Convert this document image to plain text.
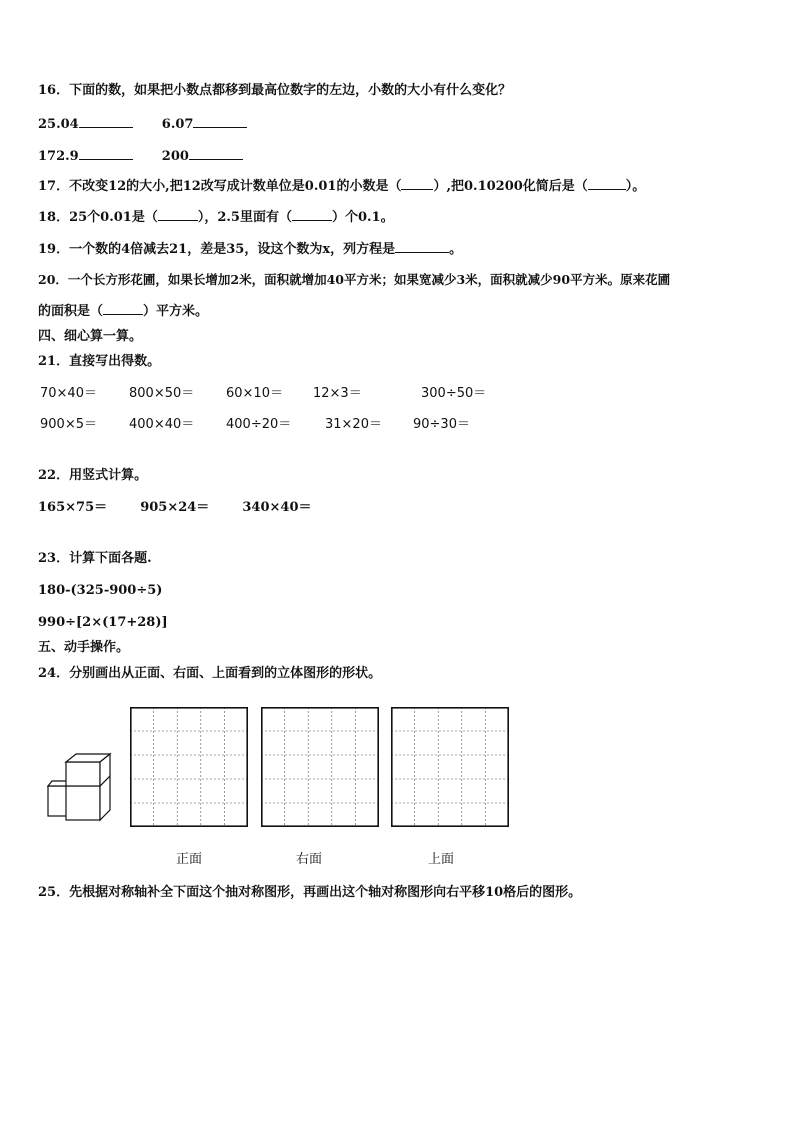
16．下面的数，如果把小数点都移到最高位数字的左边，小数的大小有什么变化？
25.04	6.07
172.9	200
17．不改变12的大小,把12改写成计数单位是0.01的小数是（ ）,把0.10200化简后是（	）。
18．25个0.01是（	），2.5里面有（	）个0.1。
19．一个数的4倍减去21，差是35，设这个数为x，列方程是	。
20．一个长方形花圃，如果长增加2米，面积就增加40平方米；如果宽减少3米，面积就减少90平方米。原来花圃
的面积是（	）平方米。
四、细心算一算。
21．直接写出得数。
70×40＝ 800×50＝ 60×10＝ 12×3＝	300÷50＝
900×5＝ 400×40＝ 400÷20＝	31×20＝ 90÷30＝
22．用竖式计算。
165×75＝	905×24＝	340×40＝
23．计算下面各题.
180-(325-900÷5)
990÷[2×(17+28)]
五、动手操作。
24．分别画出从正面、右面、上面看到的立体图形的形状。
正面	右面	上面
25．先根据对称轴补全下面这个抽对称图形，再画出这个轴对称图形向右平移10格后的图形。
